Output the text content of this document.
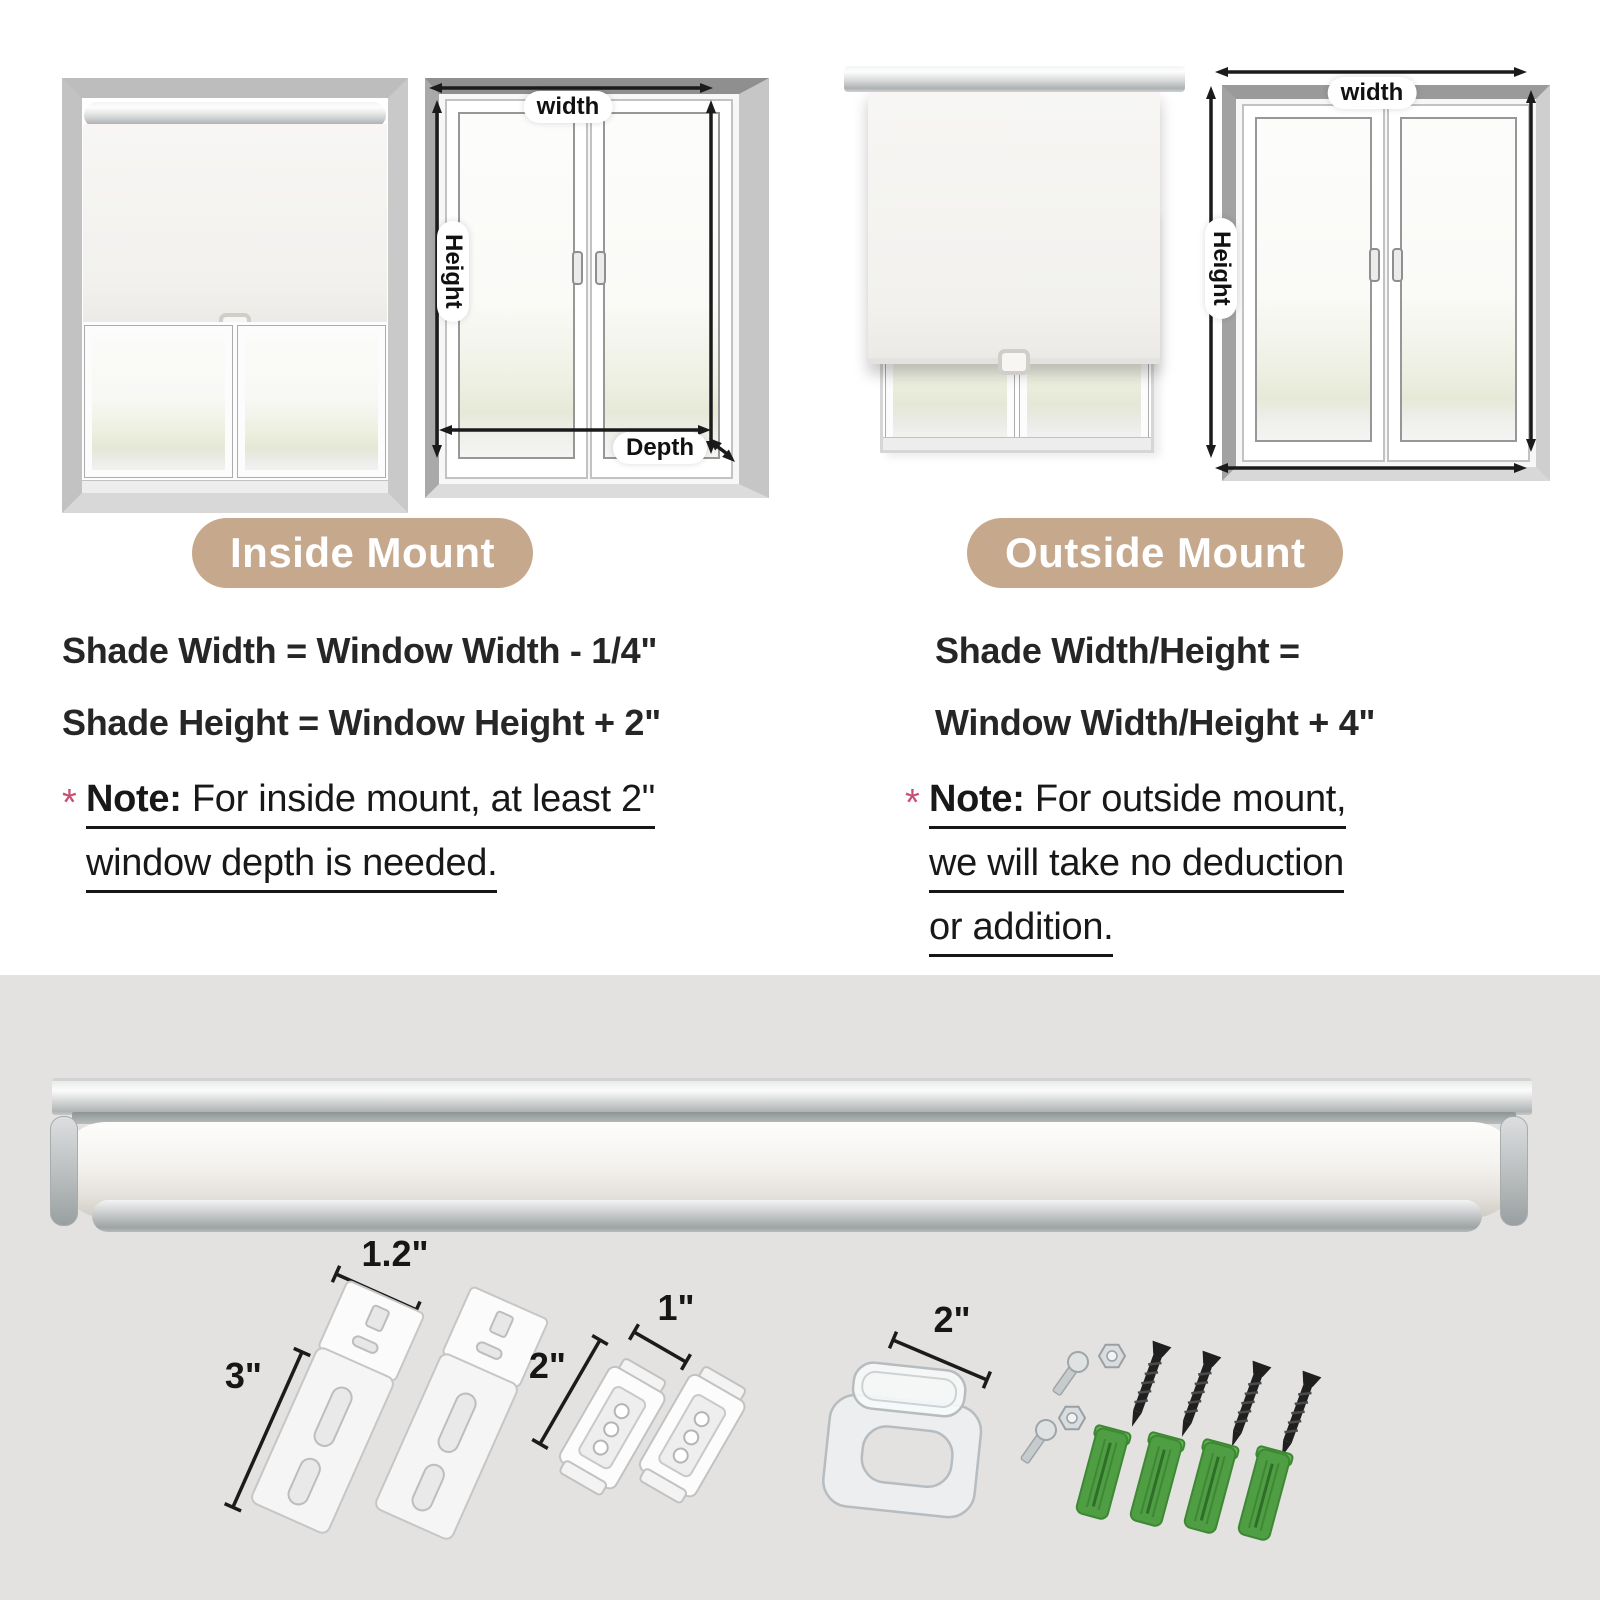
width
Height
Depth
width
Height
Inside Mount
Shade Width = Window Width - 1/4"
Shade Height = Window Height + 2"
* Note: For inside mount, at least 2"
window depth is needed.
Outside Mount
Shade Width/Height =
Window Width/Height + 4"
* Note: For outside mount,
we will take no deduction
or addition.
1.2"
3"	2"
1"	2"
